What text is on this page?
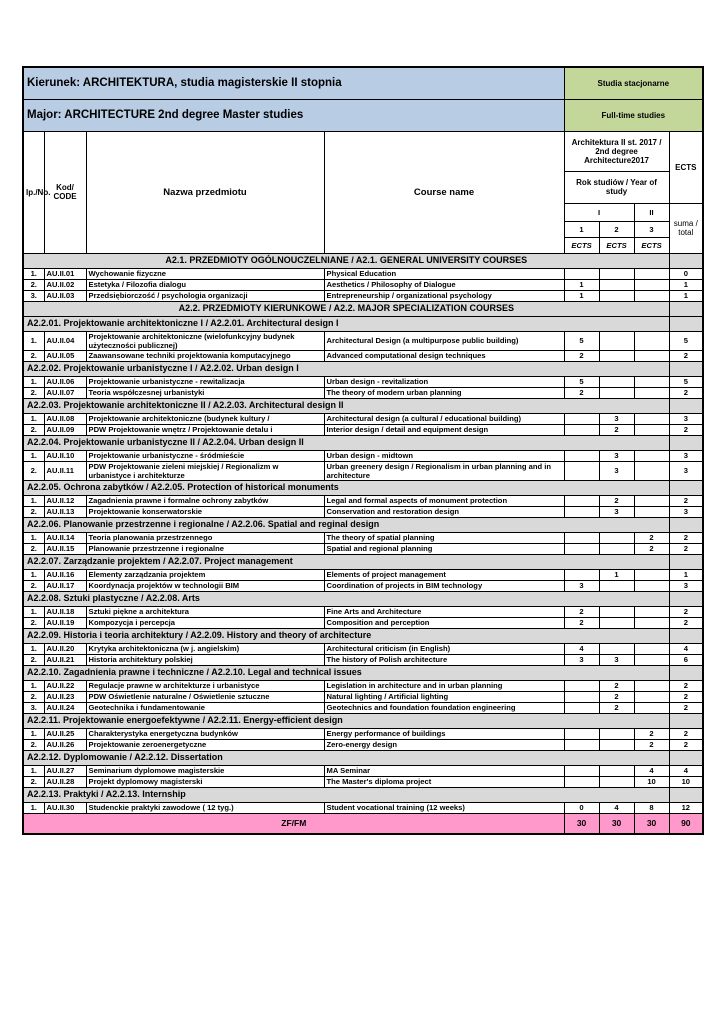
Kierunek: ARCHITEKTURA, studia magisterskie II stopnia				Studia stacjonarne			
Major: ARCHITECTURE 2nd degree Master studies				Full-time studies			
lp./No.	Kod/ CODE	Nazwa przedmiotu	Course name	Architektura II st. 2017 / 2nd degree Architecture2017			ECTS
				Rok studiów / Year of study			
				I		II	suma / total
				1	2	3	
				ECTS	ECTS	ECTS	
A2.1. PRZEDMIOTY OGÓLNOUCZELNIANE / A2.1. GENERAL UNIVERSITY COURSES							
1.	AU.II.01	Wychowanie fizyczne	Physical Education				0
2.	AU.II.02	Estetyka / Filozofia dialogu	Aesthetics / Philosophy of Dialogue	1			1
3.	AU.II.03	Przedsiębiorczość / psychologia organizacji	Entrepreneurship / organizational psychology	1			1
A2.2. PRZEDMIOTY KIERUNKOWE / A2.2. MAJOR SPECIALIZATION COURSES							
A2.2.01. Projektowanie architektoniczne I / A2.2.01. Architectural design I							
1.	AU.II.04	Projektowanie architektoniczne (wielofunkcyjny budynek użyteczności publicznej)	Architectural Design (a multipurpose public building)	5			5
2.	AU.II.05	Zaawansowane techniki projektowania komputacyjnego	Advanced computational design techniques	2			2
A2.2.02. Projektowanie urbanistyczne I / A2.2.02. Urban design I							
1.	AU.II.06	Projektowanie urbanistyczne - rewitalizacja	Urban design - revitalization	5			5
2.	AU.II.07	Teoria współczesnej urbanistyki	The theory of modern urban planning	2			2
A2.2.03. Projektowanie architektoniczne II / A2.2.03. Architectural design II							
1.	AU.II.08	Projektowanie architektoniczne (budynek kultury /	Architectural design (a cultural / educational building)		3		3
2.	AU.II.09	PDW Projektowanie wnętrz / Projektowanie detalu i	Interior design / detail and equipment design		2		2
A2.2.04. Projektowanie urbanistyczne II / A2.2.04. Urban design II							
1.	AU.II.10	Projektowanie urbanistyczne - śródmieście	Urban design - midtown		3		3
2.	AU.II.11	PDW Projektowanie zieleni miejskiej / Regionalizm w urbanistyce i architekturze	Urban greenery design / Regionalism in urban planning and in architecture		3		3
A2.2.05. Ochrona zabytków / A2.2.05. Protection of historical monuments							
1.	AU.II.12	Zagadnienia prawne i formalne ochrony zabytków	Legal and formal aspects of monument protection		2		2
2.	AU.II.13	Projektowanie konserwatorskie	Conservation and restoration design		3		3
A2.2.06. Planowanie przestrzenne i regionalne / A2.2.06. Spatial and reginal design							
1.	AU.II.14	Teoria planowania przestrzennego	The theory of spatial planning			2	2
2.	AU.II.15	Planowanie przestrzenne i regionalne	Spatial and regional planning			2	2
A2.2.07. Zarządzanie projektem / A2.2.07. Project management							
1.	AU.II.16	Elementy zarządzania projektem	Elements of project management		1		1
2.	AU.II.17	Koordynacja projektów w technologii BIM	Coordination of projects in BIM technology	3			3
A2.2.08. Sztuki plastyczne / A2.2.08. Arts							
1.	AU.II.18	Sztuki piękne a architektura	Fine Arts and Architecture	2			2
2.	AU.II.19	Kompozycja i percepcja	Composition and perception	2			2
A2.2.09. Historia i teoria architektury / A2.2.09. History and theory of architecture							
1.	AU.II.20	Krytyka architektoniczna (w j. angielskim)	Architectural criticism (in English)	4			4
2.	AU.II.21	Historia architektury polskiej	The history of Polish architecture	3	3		6
A2.2.10. Zagadnienia prawne i techniczne / A2.2.10. Legal and technical issues							
1.	AU.II.22	Regulacje prawne w architekturze i urbanistyce	Legislation in architecture and in urban planning		2		2
2.	AU.II.23	PDW Oświetlenie naturalne / Oświetlenie sztuczne	Natural lighting / Artificial lighting		2		2
3.	AU.II.24	Geotechnika i fundamentowanie	Geotechnics and foundation foundation engineering		2		2
A2.2.11. Projektowanie energoefektywne / A2.2.11. Energy-efficient design							
1.	AU.II.25	Charakterystyka energetyczna budynków	Energy performance of buildings			2	2
2.	AU.II.26	Projektowanie zeroenergetyczne	Zero-energy design			2	2
A2.2.12. Dyplomowanie / A2.2.12. Dissertation							
1.	AU.II.27	Seminarium dyplomowe magisterskie	MA Seminar			4	4
2.	AU.II.28	Projekt dyplomowy magisterski	The Master's diploma project			10	10
A2.2.13. Praktyki / A2.2.13. Internship							
1.	AU.II.30	Studenckie praktyki zawodowe ( 12 tyg.)	Student vocational training (12 weeks)	0	4	8	12
ZF/FM				30	30	30	90
